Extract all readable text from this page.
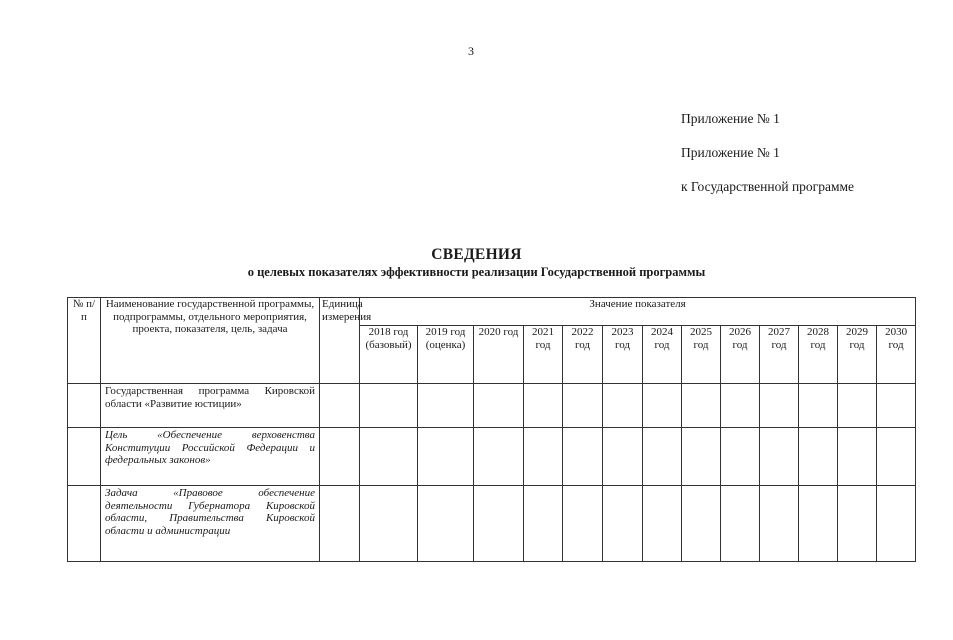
3
Приложение № 1
Приложение № 1
к Государственной программе
СВЕДЕНИЯ
о целевых показателях эффективности реализации Государственной программы
№ п/п	Наименование государственной программы, подпрограммы, отдельного мероприятия, проекта, показателя, цель, задача	Единица измерения	Значение показателя												
			2018 год (базовый)	2019 год (оценка)	2020 год	2021 год	2022 год	2023 год	2024 год	2025 год	2026 год	2027 год	2028 год	2029 год	2030 год
	Государственная программа Кировской области «Развитие юстиции»														
	Цель «Обеспечение верховенства Конституции Российской Федерации и федеральных законов»														
	Задача «Правовое обеспечение деятельности Губернатора Кировской области, Правительства Кировской области и администрации														
